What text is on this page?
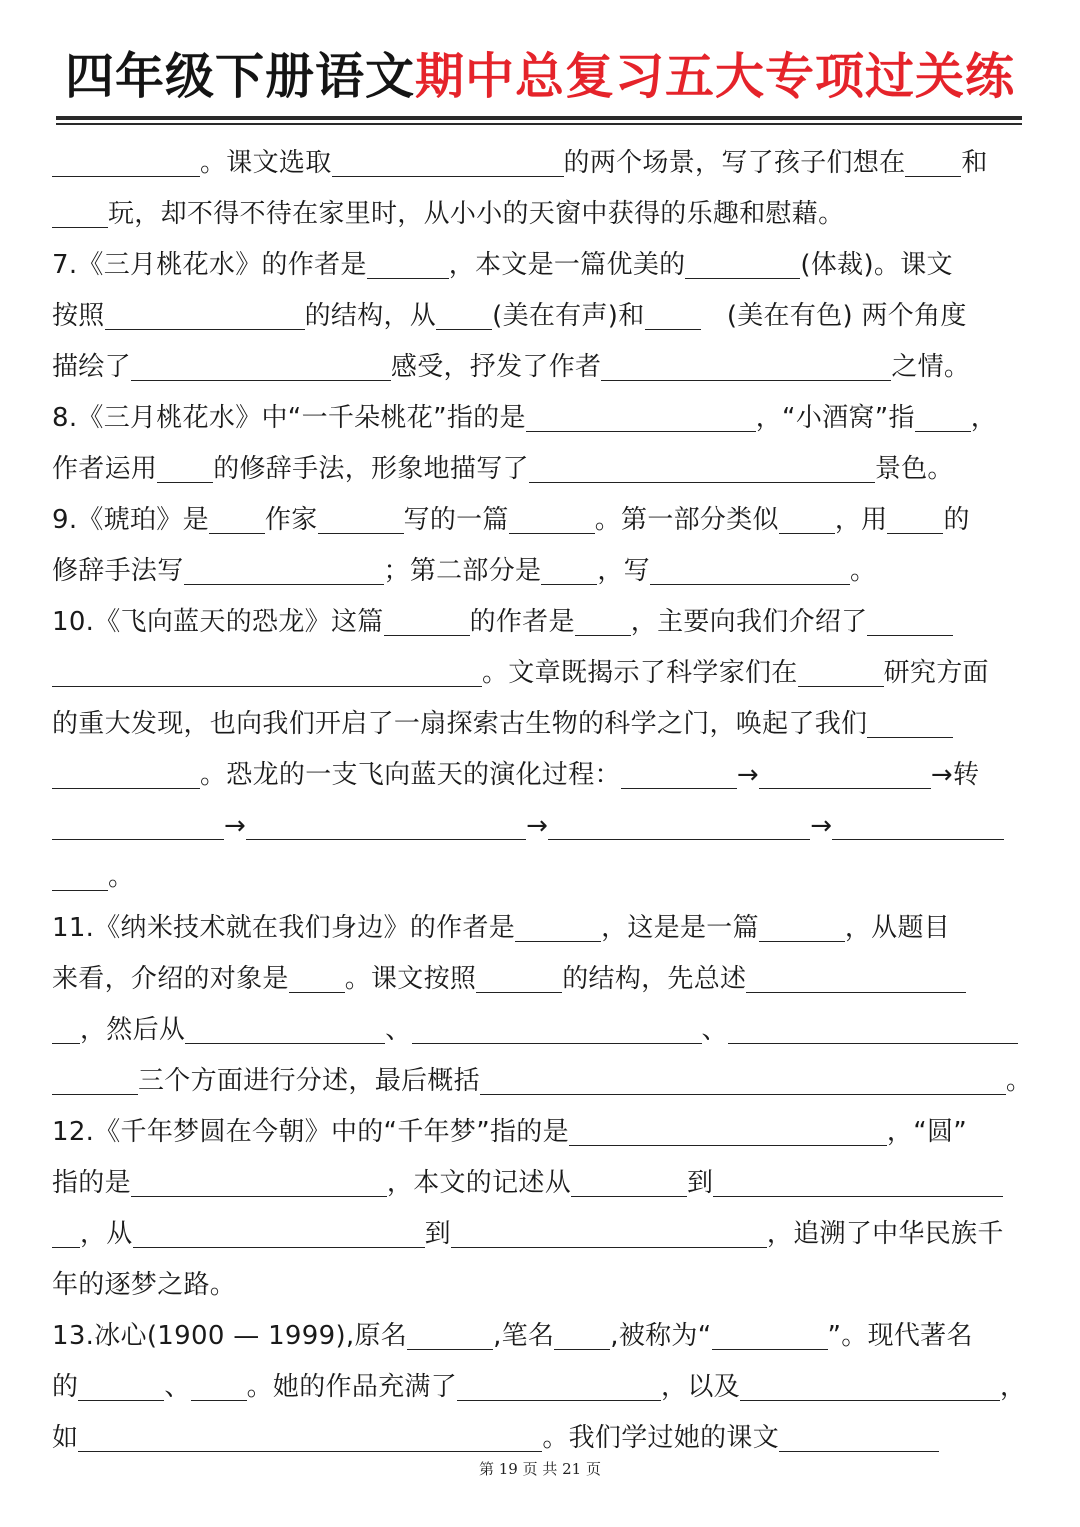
四年级下册语文期中总复习五大专项过关练
。课文选取	的两个场景，写了孩子们想在 和
玩，却不得不待在家里时，从小小的天窗中获得的乐趣和慰藉。
7.《三月桃花水》的作者是	，本文是一篇优美的	(体裁)。课文
按照	的结构，从 (美在有声)和　(美在有色) 两个角度
描绘了	感受，抒发了作者	之情。
8.《三月桃花水》中“一千朵桃花”指的是	，“小酒窝”指 ，
作者运用 的修辞手法，形象地描写了	景色。
9.《琥珀》是 作家	写的一篇	。第一部分类似 ，用 的
修辞手法写	；第二部分是 ，写	。
10.《飞向蓝天的恐龙》这篇	的作者是 ，主要向我们介绍了
。文章既揭示了科学家们在	研究方面
的重大发现，也向我们开启了一扇探索古生物的科学之门，唤起了我们
。恐龙的一支飞向蓝天的演化过程：	→	→转
→	→	→
。
11.《纳米技术就在我们身边》的作者是	，这是是一篇	，从题目
来看，介绍的对象是 。课文按照	的结构，先总述
，然后从	、	、
三个方面进行分述，最后概括	。
12.《千年梦圆在今朝》中的“千年梦”指的是	，“圆”
指的是	，本文的记述从	到
，从	到	，追溯了中华民族千
年的逐梦之路。
13.冰心(1900 — 1999),原名	,笔名 ,被称为“	”。现代著名
的	、 。她的作品充满了	，以及	，
如	。我们学过她的课文
第 19 页 共 21 页
